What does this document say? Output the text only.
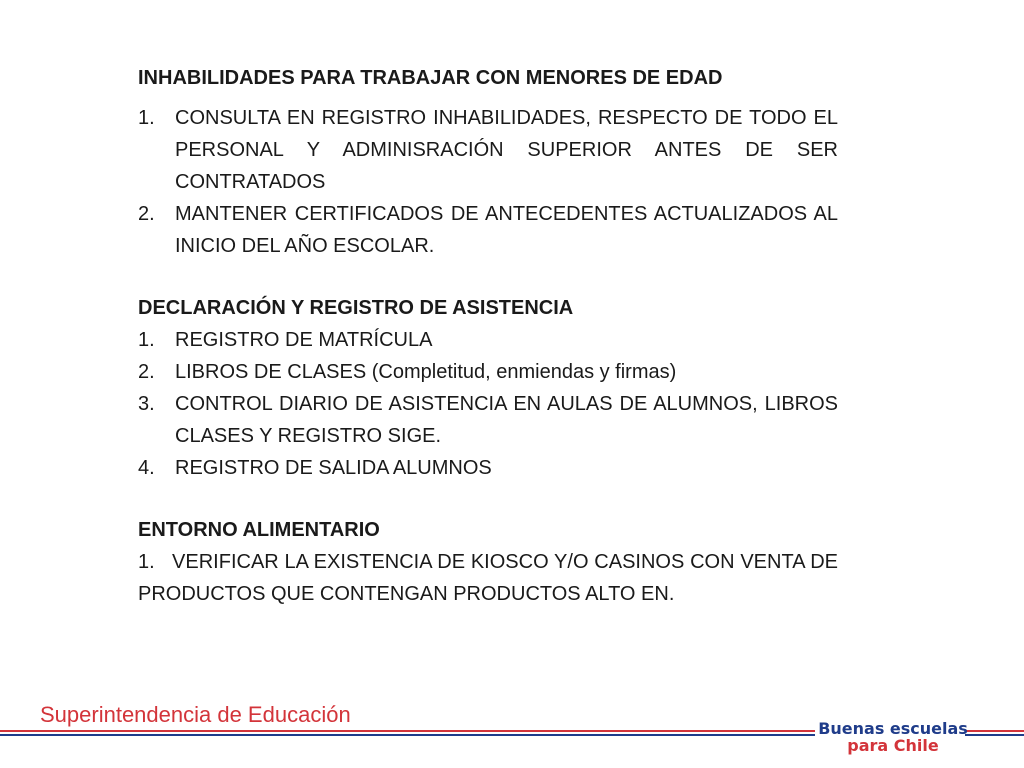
INHABILIDADES PARA TRABAJAR CON MENORES DE EDAD

1. CONSULTA EN REGISTRO INHABILIDADES, RESPECTO DE TODO EL PERSONAL Y ADMINISRACIÓN SUPERIOR ANTES DE SER CONTRATADOS
2. MANTENER CERTIFICADOS DE ANTECEDENTES ACTUALIZADOS AL INICIO DEL AÑO ESCOLAR.

DECLARACIÓN Y REGISTRO DE ASISTENCIA

1. REGISTRO DE MATRÍCULA
2. LIBROS DE CLASES (Completitud, enmiendas y firmas)
3. CONTROL DIARIO DE ASISTENCIA EN AULAS DE ALUMNOS, LIBROS CLASES Y REGISTRO SIGE.
4. REGISTRO DE SALIDA ALUMNOS

ENTORNO ALIMENTARIO

1.   VERIFICAR LA EXISTENCIA DE KIOSCO Y/O CASINOS CON VENTA DE PRODUCTOS QUE CONTENGAN PRODUCTOS ALTO EN.

Superintendencia de Educación
Buenas escuelas
para Chile
